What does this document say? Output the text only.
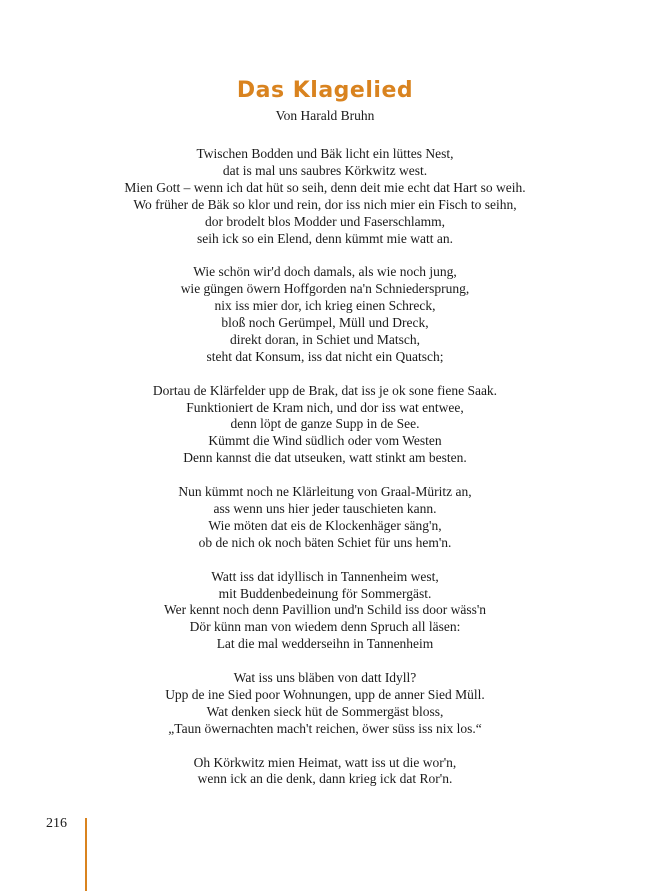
Das Klagelied
Von Harald Bruhn
Twischen Bodden und Bäk licht ein lüttes Nest,
dat is mal uns saubres Körkwitz west.
Mien Gott – wenn ich dat hüt so seih, denn deit mie echt dat Hart so weih.
Wo früher de Bäk so klor und rein, dor iss nich mier ein Fisch to seihn,
dor brodelt blos Modder und Faserschlamm,
seih ick so ein Elend, denn kümmt mie watt an.
Wie schön wir'd doch damals, als wie noch jung,
wie güngen öwern Hoffgorden na'n Schniedersprung,
nix iss mier dor, ich krieg einen Schreck,
bloß noch Gerümpel, Müll und Dreck,
direkt doran, in Schiet und Matsch,
steht dat Konsum, iss dat nicht ein Quatsch;
Dortau de Klärfelder upp de Brak, dat iss je ok sone fiene Saak.
Funktioniert de Kram nich, und dor iss wat entwee,
denn löpt de ganze Supp in de See.
Kümmt die Wind südlich oder vom Westen
Denn kannst die dat utseuken, watt stinkt am besten.
Nun kümmt noch ne Klärleitung von Graal-Müritz an,
ass wenn uns hier jeder tauschieten kann.
Wie möten dat eis de Klockenhäger säng'n,
ob de nich ok noch bäten Schiet für uns hem'n.
Watt iss dat idyllisch in Tannenheim west,
mit Buddenbedeinung för Sommergäst.
Wer kennt noch denn Pavillion und'n Schild iss door wäss'n
Dör künn man von wiedem denn Spruch all läsen:
Lat die mal wedderseihn in Tannenheim
Wat iss uns bläben von datt Idyll?
Upp de ine Sied poor Wohnungen, upp de anner Sied Müll.
Wat denken sieck hüt de Sommergäst bloss,
„Taun öwernachten mach't reichen, öwer süss iss nix los.“
Oh Körkwitz mien Heimat, watt iss ut die wor'n,
wenn ick an die denk, dann krieg ick dat Ror'n.
216
